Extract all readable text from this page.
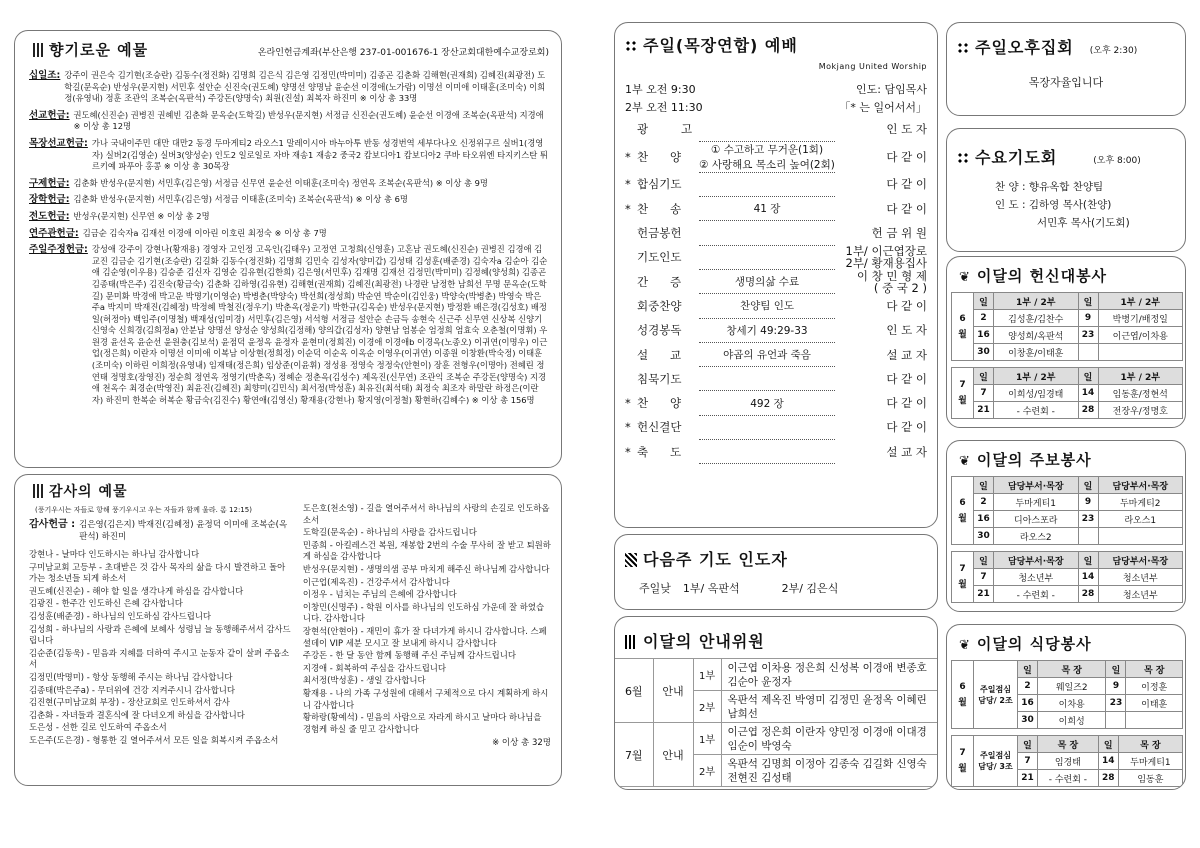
향기로운 예물	온라인헌금계좌(부산은행 237-01-001676-1 장산교회대한예수교장로회)
십일조: 강주이 권은숙 김기현(조승란) 김동수(정진화) 김명희 김은식 김은영 김정민(박미미) 김종곤 김춘화 김해현(권재희) 김혜진(최광전) 도학길(문옥순) 반성우(문지현) 서민후 설안순 신진숙(권도혜) 양명선 양명남 윤순선 이경애(노가람) 이명선 이미애 이태훈(조미숙) 이희정(유영내) 정훈 조관익 조복순(옥판석) 주강돈(양명숙) 최원(진설) 최복자 하진미 ※ 이상 총 33명
선교헌금: 권도혜(신진순) 권병진 권혜빈 김춘화 문옥순(도학길) 반성우(문지현) 서정금 신진순(권도혜) 윤순선 이경애 조복순(옥판석) 지경애 ※ 이상 총 12명
목장선교헌금: 가나 국내이주민 대만 대만2 동경 두마게티2 라오스1 말레이시아 바누아투 반동 성경번역 세부다나오 신정위구르 실버1(경영자) 실버2(김영순) 실버3(양성순) 인도2 일로일로 자바 재송1 재송2 중국2 캄보디아1 캄보디아2 쿠바 타오위엔 타지키스탄 튀르키예 파푸아 홍콩 ※ 이상 총 30목장
구제헌금: 김춘화 반성우(문지현) 서민후(김은영) 서정금 신무연 윤순선 이태훈(조미숙) 정연옥 조복순(옥판석) ※ 이상 총 9명
장학헌금: 김춘화 반성우(문지현) 서민후(김은영) 서정금 이태훈(조미숙) 조복순(옥판석) ※ 이상 총 6명
전도헌금: 반성우(문지현) 신무연 ※ 이상 총 2명
연주관헌금: 김금순 김숙자a 김재선 이경애 이아린 이호린 최정숙 ※ 이상 총 7명
주일주정헌금: 강성애 강주이 강현나(황재용) 경영자 고인정 고옥인(김태우) 고정연 고청희(신영훈) 고혼남 권도혜(신진순) 권병진 김경애 김교진 김금순 김기현(조승란) 김길화 김동수(정진화) 김명희 김민숙 김성자(양미갑) 김성태 김성훈(배준경) 김숙자a 김순아 김순애 김순영(이우용) 김승준 김신자 김영순 김유현(김한희) 김은영(서민후) 김재명 김재선 김정민(박미미) 김정혜(양성희) 김종곤 김종태(박은주) 김진숙(황금숙) 김춘화 김하영(김유현) 김해현(권재희) 김혜진(최광전) 나경란 남정한 남희선 무명 문옥순(도학길) 문미화 박경애 박고운 박명기(이영순) 박병춘(박양숙) 박선희(정성희) 박순연 박순이(김인웅) 박양숙(박병춘) 박영숙 박은주a 박지미 박재진(김혜정) 박정혜 박철진(정우기) 박춘옥(정운기) 박한규(김옥순) 반성우(문지현) 방정환 배은경(김성호) 배정일(허정아) 백임주(이명철) 백재성(임미경) 서민후(김은영) 서석형 서정금 설안순 손금득 송현숙 신근주 신무연 신상복 신양기 신영숙 신희경(김희정a) 안분남 양명선 양성순 양성희(김정해) 양의갑(김성자) 양현남 엄봉순 엄정희 엄효숙 오춘철(이명휘) 우원경 윤선옥 윤순선 윤원충(김보석) 윤점덕 윤정옥 윤정자 윤현미(정희진) 이경애 이경애b 이경옥(노종오) 이귀연(이명우) 이근업(정은희) 이란자 이명선 이미애 이복남 이상현(정희정) 이순덕 이순옥 이옥순 이영우(이귀연) 이종원 이창환(박숙정) 이태훈(조미숙) 이하린 이희정(유영내) 임재태(정은희) 임상준(이윤휘) 정성용 정영숙 정정숙(안현이) 장훈 전형우(이명아) 전혜린 정연태 정명호(장영진) 정순희 정연옥 정영기(박춘옥) 정혜순 정춘옥(김성수) 제옥진(신무연) 조관익 조복순 주강돈(양명숙) 지경애 천옥수 최경순(박영진) 최윤진(김혜진) 최향미(김민식) 최서정(박성훈) 최유진(최석태) 최정숙 최조자 하말란 하정은(이란자) 하진미 한복순 허복순 황금숙(김진수) 황연애(김영신) 황재용(강현나) 황지영(이정철) 황현하(김혜수) ※ 이상 총 156명
감사의 예물
(풍기우시는 자들로 항해 풍기우시고 우는 자들과 함께 울라. 롬 12:15)
감사헌금 : 김은영(김은지) 박재진(김혜정) 윤정덕 이미애 조복순(옥판석) 하진미
강현나 - 날마다 인도하시는 하나님 감사합니다
구미남교회 고등부 - 초대받은 것 감사 목자의 삶을 다시 발견하고 돌아가는 청소년들 되게 하소서
권도혜(신진순) - 해야 할 일을 생각나게 하심을 감사합니다
김광진 - 한주간 인도하신 은혜 감사합니다
김성훈(배준경) - 하나님의 인도하심 감사드립니다
김성희 - 하나님의 사랑과 은혜에 보혜사 성령님 늘 동행해주셔서 감사드립니다
김순준(김동욱) - 믿음과 지혜를 더하여 주시고 눈동자 같이 살펴 주옵소서
김정민(박명미) - 항상 동행해 주시는 하나님 감사합니다
김종태(박은주a) - 무더위에 건강 지켜주시니 감사합니다
김진현(구미남교회 부장) - 장산교회로 인도하셔서 감사
김춘화 - 자녀들과 결혼식에 잘 다녀오게 하심을 감사합니다
도은성 - 선한 길로 인도하여 주옵소서
도은주(도은경) - 형통한 길 열어주셔서 모든 일을 회복시켜 주옵소서
도은호(천소영) - 길을 열어주셔서 하나님의 사랑의 손길로 인도하옵소서
도학길(문옥순) - 하나님의 사랑을 감사드립니다
민종희 - 아킬레스건 복원, 재봉합 2번의 수술 무사히 잘 받고 퇴원하게 하심을 감사합니다
반성우(문지현) - 생명의샘 공부 마치게 해주신 하나님께 감사합니다
이근업(제옥진) - 건강주셔서 감사합니다
이정우 - 넘치는 주님의 은혜에 감사합니다
이창민(신명주) - 학원 이사를 하나님의 인도하심 가운데 잘 하였습니다. 감사합니다
장현석(안현아) - 재민이 휴가 잘 다녀가게 하시니 감사합니다. 스페셜데이 VIP 세분 모시고 잘 보내게 하시니 감사합니다
주강돈 - 한 달 동안 함께 동행해 주신 주님께 감사드립니다
지경애 - 회복하여 주심을 감사드립니다
최서정(박성훈) - 생일 감사합니다
황재용 - 나의 가족 구성원에 대해서 구체적으로 다시 계획하게 하시니 감사합니다
황하랑(황예석) - 믿음의 사람으로 자라게 하시고 날마다 하나님을 경험케 하실 줄 믿고 감사합니다
※ 이상 총 32명
주일(목장연합) 예배
Mokjang United Worship
1부 오전 9:30	인도: 담임목사
2부 오전 11:30	「* 는 일어서서」
	광         고		인 도 자
*	찬      양	① 수고하고 무거운(1회)
② 사랑해요 목소리 높여(2회)	다 같 이
*	합심기도		다 같 이
*	찬      송	41 장	다 같 이
	헌금봉헌		헌 금 위 원
	기도인도		1부/ 이근엽장로
2부/ 황재용집사
	간      증	생명의삶 수료	이 창 민 형 제
( 중 국 2 )
	회중찬양	찬양팀 인도	다 같 이
	성경봉독	창세기 49:29-33	인 도 자
	설      교	야곱의 유언과 죽음	설 교 자
	침묵기도		다 같 이
*	찬      양	492 장	다 같 이
*	헌신결단		다 같 이
*	축      도		설 교 자
다음주 기도 인도자
주일낮 1부/ 옥판석	2부/ 김은식
이달의 안내위원
6월	안내	1부	이근엽 이차용 정은희 신성복 이경애 변종호 김순아 윤정자
		2부	옥판석 제옥진 박영미 김정민 윤정옥 이혜린 남희선
7월	안내	1부	이근엽 정은희 이란자 양민정 이경애 이대경 임순이 박영숙
		2부	옥판석 김명희 이정아 김종숙 김길화 신영숙 전현진 김성태
주일오후집회 (오후 2:30)
목장자율입니다
수요기도회	(오후 8:00)
찬 양 : 향유옥합 찬양팀
인 도 : 김하영 목사(찬양)
서민후 목사(기도회)
❦ 이달의 헌신대봉사
6
월	일	1부 / 2부	일	1부 / 2부
	2	김성훈/김찬수	9	박병기/배정일
	16	양성희/옥판석	23	이근엽/이차용
	30	이창훈/이태훈		
7
월	일	1부 / 2부	일	1부 / 2부
	7	이희성/임경태	14	임동훈/정현석
	21	- 수련회 -	28	전장우/정명호
❦ 이달의 주보봉사
6
월	일	담당부서·목장	일	담당부서·목장
	2	두마게티1	9	두마게티2
	16	디아스포라	23	라오스1
	30	라오스2		
7
월	일	담당부서·목장	일	담당부서·목장
	7	청소년부	14	청소년부
	21	- 수련회 -	28	청소년부
❦ 이달의 식당봉사
6
월	주일점심
담당/ 2조	일	목 장	일	목 장
		2	웨일즈2	9	이정훈
		16	이차용	23	이태훈
		30	이희성		
7
월	주일점심
담당/ 3조	일	목 장	일	목 장
		7	임경태	14	두마게티1
		21	- 수련회 -	28	임동훈
